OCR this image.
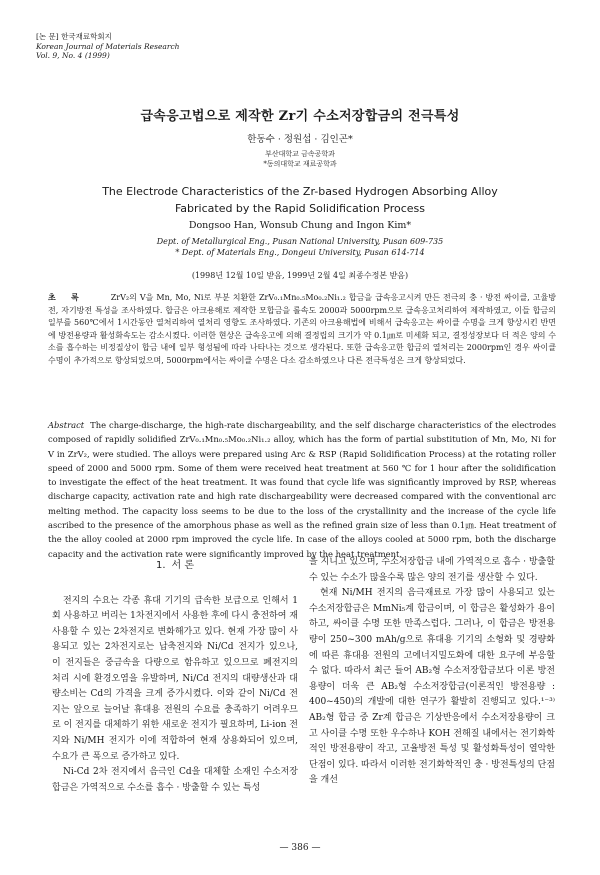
[논 문] 한국재료학회지
Korean Journal of Materials Research
Vol. 9, No. 4 (1999)
급속응고법으로 제작한 Zr기 수소저장합금의 전극특성
한동수 · 정원섭 · 김인곤*
부산대학교 금속공학과
*동의대학교 재료공학과
The Electrode Characteristics of the Zr-based Hydrogen Absorbing Alloy
Fabricated by the Rapid Solidification Process
Dongsoo Han, Wonsub Chung and Ingon Kim*
Dept. of Metallurgical Eng., Pusan National University, Pusan 609-735
* Dept. of Materials Eng., Dongeui University, Pusan 614-714
(1998년 12월 10일 받음, 1999년 2월 4일 최종수정본 받음)
초 록	ZrV₂의 V을 Mn, Mo, Ni로 부분 치환한 ZrV₀.₁Mn₀.₅Mo₀.₂Ni₁.₂ 합금을 급속응고시켜 만든 전극의 충 · 방전 싸이클, 고율방전, 자기방전 특성을 조사하였다. 합금은 아크용해로 제작한 모합금을 롤속도 2000과 5000rpm으로 급속응고처리하여 제작하였고, 이들 합금의 일부를 560℃에서 1시간동안 열처리하여 열처리 영향도 조사하였다. 기존의 아크용해법에 비해서 급속응고는 싸이클 수명을 크게 향상시킨 반면에 방전용량과 활성화속도는 감소시켰다. 이러한 현상은 급속응고에 의해 결정립의 크기가 약 0.1㎛로 미세화 되고, 결정성장보다 더 적은 양의 수소를 흡수하는 비정질상이 합금 내에 일부 형성됨에 따라 나타나는 것으로 생각된다. 또한 급속응고한 합금의 열처리는 2000rpm인 경우 싸이클 수명이 추가적으로 향상되었으며, 5000rpm에서는 싸이클 수명은 다소 감소하였으나 다른 전극특성은 크게 향상되었다.
Abstract The charge-discharge, the high-rate dischargeability, and the self discharge characteristics of the electrodes composed of rapidly solidified ZrV₀.₁Mn₀.₅Mo₀.₂Ni₁.₂ alloy, which has the form of partial substitution of Mn, Mo, Ni for V in ZrV₂, were studied. The alloys were prepared using Arc & RSP (Rapid Solidification Process) at the rotating roller speed of 2000 and 5000 rpm. Some of them were received heat treatment at 560 ℃ for 1 hour after the solidification to investigate the effect of the heat treatment. It was found that cycle life was significantly improved by RSP, whereas discharge capacity, activation rate and high rate dischargeability were decreased compared with the conventional arc melting method. The capacity loss seems to be due to the loss of the crystallinity and the increase of the cycle life ascribed to the presence of the amorphous phase as well as the refined grain size of less than 0.1㎛. Heat treatment of the the alloy cooled at 2000 rpm improved the cycle life. In case of the alloys cooled at 5000 rpm, both the discharge capacity and the activation rate were significantly improved by the heat treatment.
1. 서 론

전지의 수요는 각종 휴대 기기의 급속한 보급으로 인해서 1회 사용하고 버리는 1차전지에서 사용한 후에 다시 충전하여 재사용할 수 있는 2차전지로 변화해가고 있다. 현재 가장 많이 사용되고 있는 2차전지로는 납축전지와 Ni/Cd 전지가 있으나, 이 전지들은 중금속을 다량으로 함유하고 있으므로 폐전지의 처리 시에 환경오염을 유발하며, Ni/Cd 전지의 대량생산과 대량소비는 Cd의 가격을 크게 증가시켰다. 이와 같이 Ni/Cd 전지는 앞으로 늘어날 휴대용 전원의 수요를 충족하기 어려우므로 이 전지를 대체하기 위한 새로운 전지가 필요하며, Li-ion 전지와 Ni/MH 전지가 이에 적합하여 현재 상용화되어 있으며, 수요가 큰 폭으로 증가하고 있다.

Ni-Cd 2차 전지에서 음극인 Cd을 대체할 소재인 수소저장합금은 가역적으로 수소를 흡수 · 방출할 수 있는 특성

을 지니고 있으며, 수소저장합금 내에 가역적으로 흡수 · 방출할 수 있는 수소가 많을수록 많은 양의 전기를 생산할 수 있다.

현재 Ni/MH 전지의 음극재료로 가장 많이 사용되고 있는 수소저장합금은 MmNi₅계 합금이며, 이 합금은 활성화가 용이하고, 싸이클 수명 또한 만족스럽다. 그러나, 이 합금은 방전용량이 250~300 mAh/g으로 휴대용 기기의 소형화 및 경량화에 따른 휴대용 전원의 고에너지밀도화에 대한 요구에 부응할 수 없다. 따라서 최근 들어 AB₂형 수소저장합금보다 이론 방전용량이 더욱 큰 AB₂형 수소저장합금(이론적인 방전용량 : 400~450)의 개발에 대한 연구가 활발히 진행되고 있다.¹⁻³⁾ AB₂형 합금 중 Zr계 합금은 기상반응에서 수소저장용량이 크고 사이클 수명 또한 우수하나 KOH 전해질 내에서는 전기화학적인 방전용량이 작고, 고율방전 특성 및 활성화특성이 열악한 단점이 있다. 따라서 이러한 전기화학적인 충 · 방전특성의 단점을 개선

— 386 —
